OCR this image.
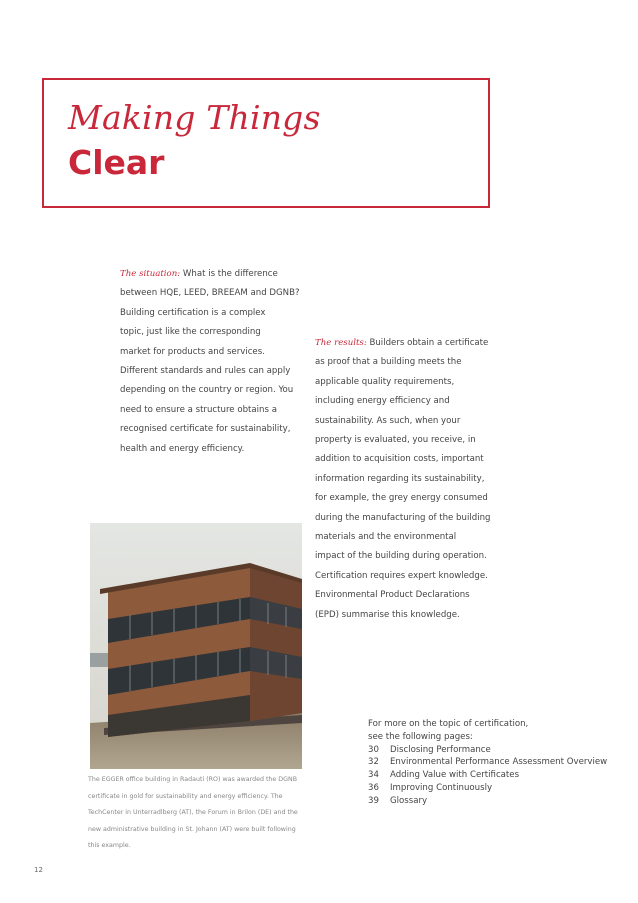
Making Things
Clear
The situation: What is the difference
between HQE, LEED, BREEAM and DGNB?
Building certification is a complex
topic, just like the corresponding
market for products and services.
Different standards and rules can apply
depending on the country or region. You
need to ensure a structure obtains a
recognised certificate for sustainability,
health and energy efficiency.
The results: Builders obtain a certificate
as proof that a building meets the
applicable quality requirements,
including energy efficiency and
sustainability. As such, when your
property is evaluated, you receive, in
addition to acquisition costs, important
information regarding its sustainability,
for example, the grey energy consumed
during the manufacturing of the building
materials and the environmental
impact of the building during operation.
Certification requires expert knowledge.
Environmental Product Declarations
(EPD) summarise this knowledge.
The EGGER office building in Radauti (RO) was awarded the DGNB
certificate in gold for sustainability and energy efficiency. The
TechCenter in Unterradlberg (AT), the Forum in Brilon (DE) and the
new administrative building in St. Johann (AT) were built following
this example.
For more on the topic of certification,
see the following pages:
30 Disclosing Performance
32 Environmental Performance Assessment Overview
34 Adding Value with Certificates
36 Improving Continuously
39 Glossary
12
